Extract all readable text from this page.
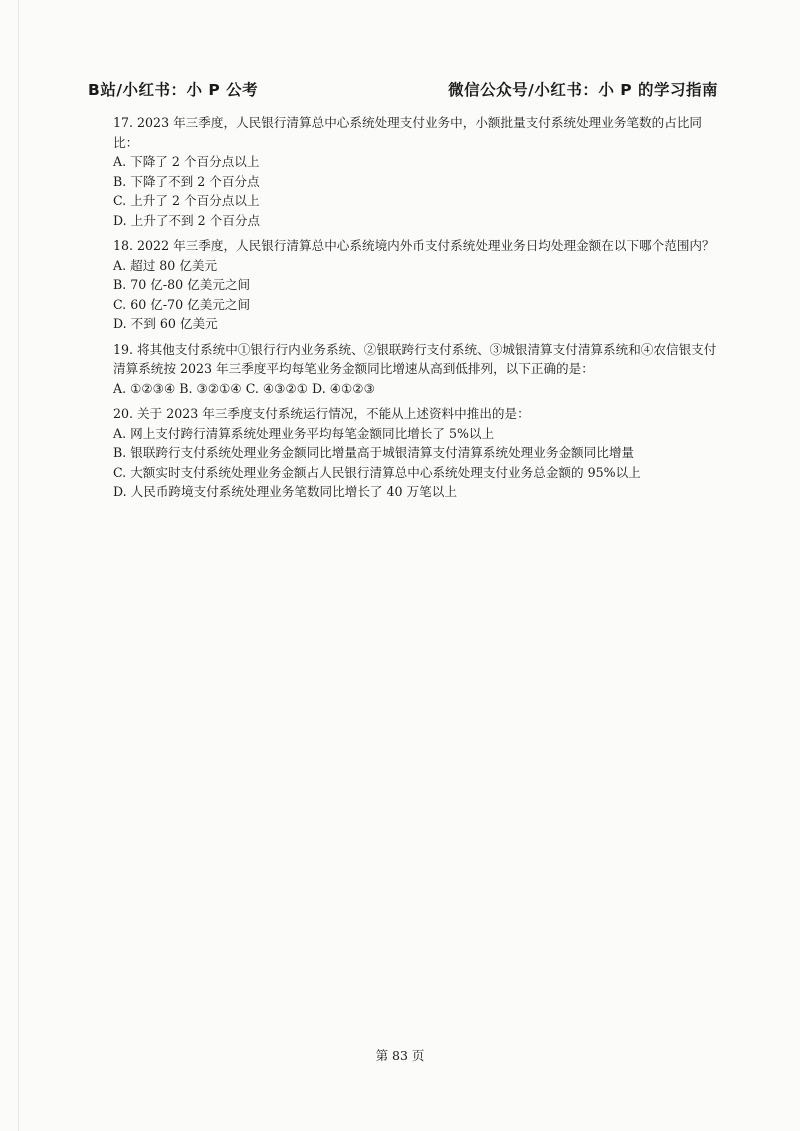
B站/小红书：小 P 公考	微信公众号/小红书：小 P 的学习指南
17. 2023 年三季度，人民银行清算总中心系统处理支付业务中，小额批量支付系统处理业务笔数的占比同比：
A. 下降了 2 个百分点以上
B. 下降了不到 2 个百分点
C. 上升了 2 个百分点以上
D. 上升了不到 2 个百分点
18. 2022 年三季度，人民银行清算总中心系统境内外币支付系统处理业务日均处理金额在以下哪个范围内？
A. 超过 80 亿美元
B. 70 亿-80 亿美元之间
C. 60 亿-70 亿美元之间
D. 不到 60 亿美元
19. 将其他支付系统中①银行行内业务系统、②银联跨行支付系统、③城银清算支付清算系统和④农信银支付清算系统按 2023 年三季度平均每笔业务金额同比增速从高到低排列，以下正确的是：
A. ①②③④ B. ③②①④ C. ④③②① D. ④①②③
20. 关于 2023 年三季度支付系统运行情况，不能从上述资料中推出的是：
A. 网上支付跨行清算系统处理业务平均每笔金额同比增长了 5%以上
B. 银联跨行支付系统处理业务金额同比增量高于城银清算支付清算系统处理业务金额同比增量
C. 大额实时支付系统处理业务金额占人民银行清算总中心系统处理支付业务总金额的 95%以上
D. 人民币跨境支付系统处理业务笔数同比增长了 40 万笔以上
第 83 页
